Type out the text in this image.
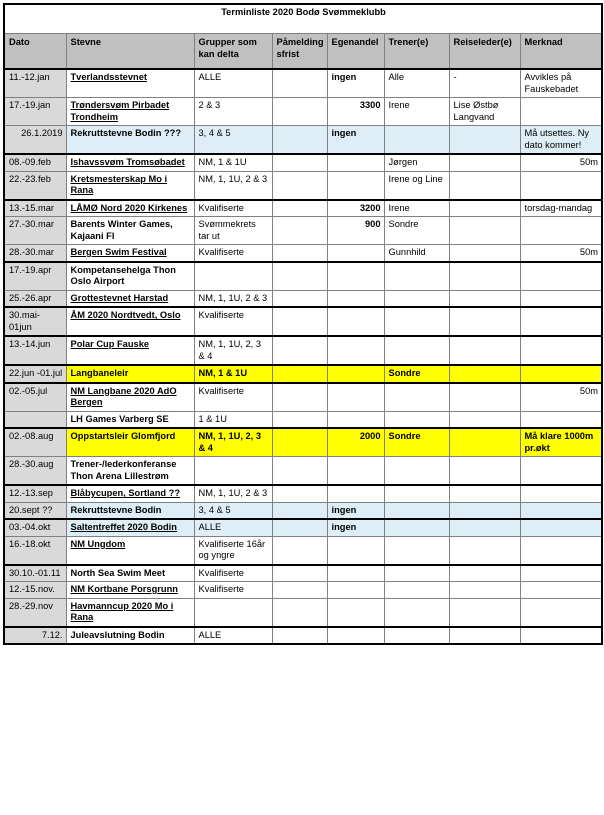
Terminliste 2020 Bodø Svømmeklubb							
Dato	Stevne	Grupper som kan delta	Påmelding sfrist	Egenandel	Trener(e)	Reiseleder(e)	Merknad
11.-12.jan	Tverlandsstevnet	ALLE		ingen	Alle	-	Avvikles på Fauskebadet
17.-19.jan	Trøndersvøm Pirbadet Trondheim	2 & 3		3300	Irene	Lise Østbø Langvand	
26.1.2019	Rekruttstevne Bodin ???	3, 4 & 5		ingen			Må utsettes. Ny dato kommer!
08.-09.feb	Ishavssvøm Tromsøbadet	NM, 1 & 1U			Jørgen		50m
22.-23.feb	Kretsmesterskap Mo i Rana	NM, 1, 1U, 2 & 3			Irene og Line		
13.-15.mar	LÅMØ Nord 2020 Kirkenes	Kvalifiserte		3200	Irene		torsdag-mandag
27.-30.mar	Barents Winter Games, Kajaani Fl	Svømmekrets tar ut		900	Sondre		
28.-30.mar	Bergen Swim Festival	Kvalifiserte			Gunnhild		50m
17.-19.apr	Kompetansehelga Thon Oslo Airport						
25.-26.apr	Grottestevnet Harstad	NM, 1, 1U, 2 & 3					
30.mai-01jun	ÅM 2020 Nordtvedt, Oslo	Kvalifiserte					
13.-14.jun	Polar Cup Fauske	NM, 1, 1U, 2, 3 & 4					
22.jun -01.jul	Langbaneleir	NM, 1 & 1U			Sondre		
02.-05.jul	NM Langbane 2020 AdO Bergen	Kvalifiserte					50m
	LH Games Varberg SE	1 & 1U					
02.-08.aug	Oppstartsleir Glomfjord	NM, 1, 1U, 2, 3 & 4		2000	Sondre		Må klare 1000m pr.økt
28.-30.aug	Trener-/lederkonferanse Thon Arena Lillestrøm						
12.-13.sep	Blåbycupen, Sortland ??	NM, 1, 1U, 2 & 3					
20.sept ??	Rekruttstevne Bodin	3, 4 & 5		ingen			
03.-04.okt	Saltentreffet 2020 Bodin	ALLE		ingen			
16.-18.okt	NM Ungdom	Kvalifiserte 16år og yngre					
30.10.-01.11	North Sea Swim Meet	Kvalifiserte					
12.-15.nov.	NM Kortbane Porsgrunn	Kvalifiserte					
28.-29.nov	Havmanncup 2020 Mo i Rana						
7.12.	Juleavslutning Bodin	ALLE					
